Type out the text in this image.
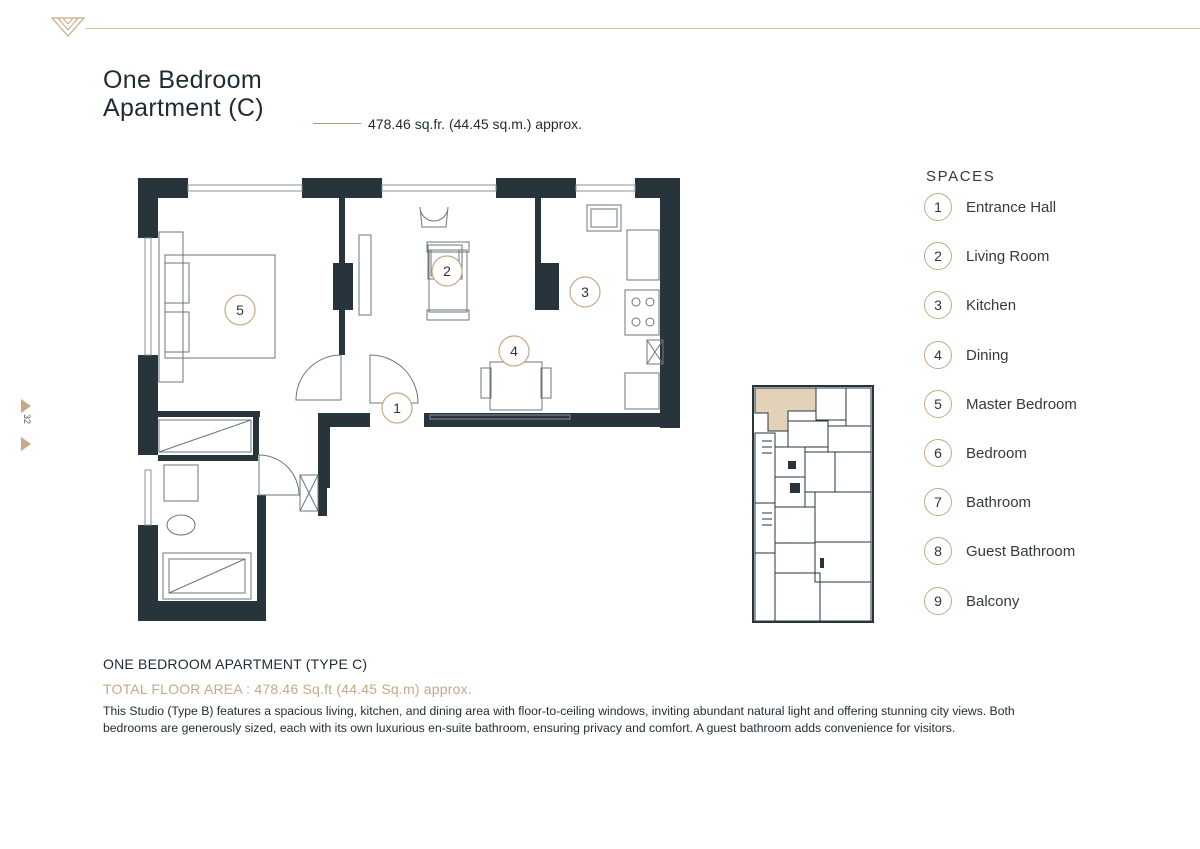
One Bedroom
Apartment (C)
478.46 sq.fr. (44.45 sq.m.) approx.
32
1
2
3
4
5
SPACES
1	Entrance Hall
2	Living Room
3	Kitchen
4	Dining
5	Master Bedroom
6	Bedroom
7	Bathroom
8	Guest Bathroom
9	Balcony
ONE BEDROOM APARTMENT (TYPE C)
TOTAL FLOOR AREA : 478.46 Sq.ft (44.45 Sq.m) approx.
This Studio (Type B) features a spacious living, kitchen, and dining area with floor-to-ceiling windows, inviting abundant natural light and offering stunning city views. Both bedrooms are generously sized, each with its own luxurious en-suite bathroom, ensuring privacy and comfort. A guest bathroom adds convenience for visitors.
